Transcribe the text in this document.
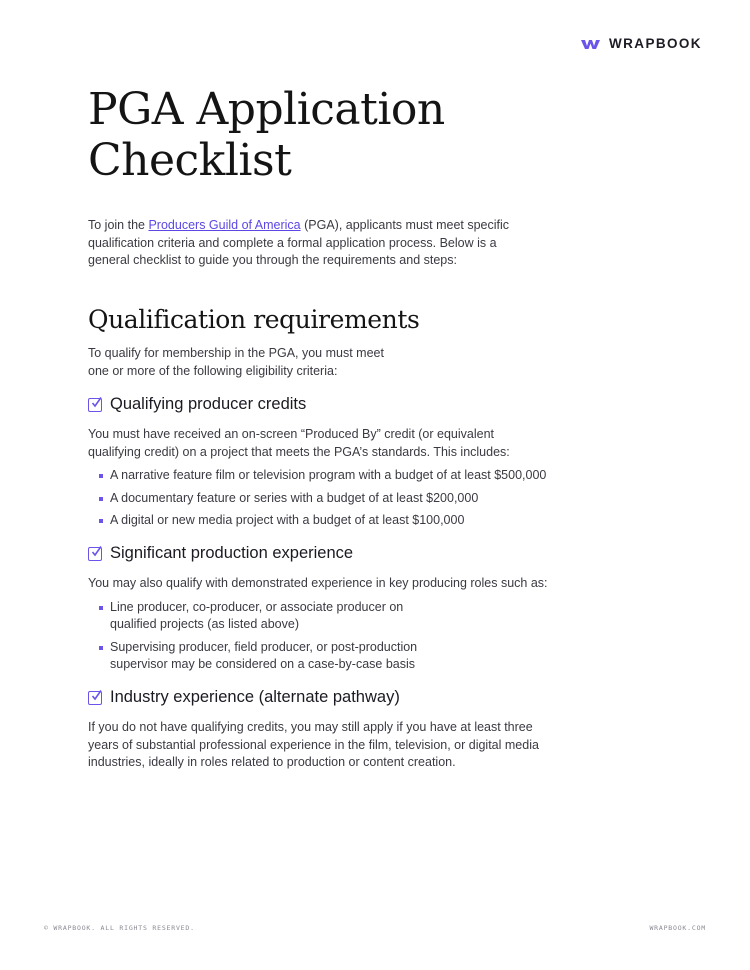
WRAPBOOK
PGA Application Checklist

To join the Producers Guild of America (PGA), applicants must meet specific qualification criteria and complete a formal application process. Below is a general checklist to guide you through the requirements and steps:

Qualification requirements

To qualify for membership in the PGA, you must meet one or more of the following eligibility criteria:

Qualifying producer credits

You must have received an on-screen “Produced By” credit (or equivalent qualifying credit) on a project that meets the PGA’s standards. This includes:

A narrative feature film or television program with a budget of at least $500,000
A documentary feature or series with a budget of at least $200,000
A digital or new media project with a budget of at least $100,000
Significant production experience

You may also qualify with demonstrated experience in key producing roles such as:

Line producer, co-producer, or associate producer on qualified projects (as listed above)
Supervising producer, field producer, or post-production supervisor may be considered on a case-by-case basis
Industry experience (alternate pathway)

If you do not have qualifying credits, you may still apply if you have at least three years of substantial professional experience in the film, television, or digital media industries, ideally in roles related to production or content creation.

© WRAPBOOK. ALL RIGHTS RESERVED.	WRAPBOOK.COM
